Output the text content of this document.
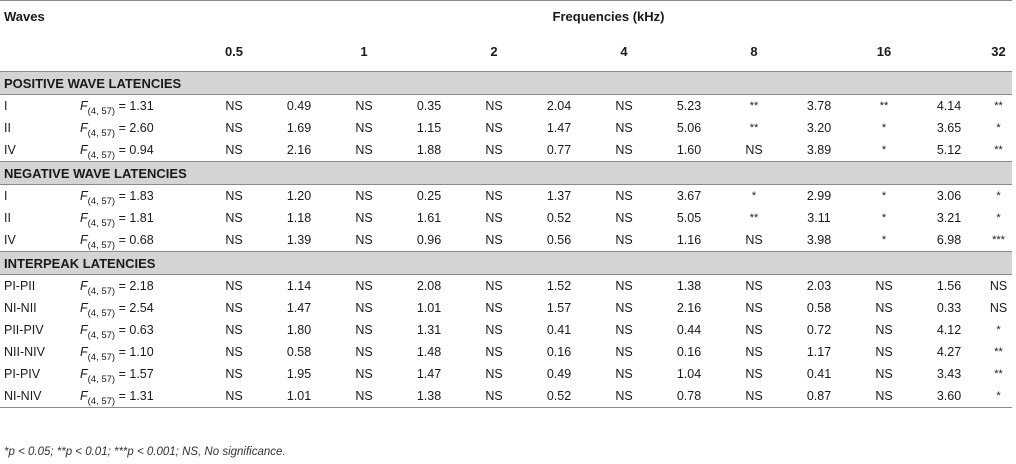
Waves		Frequencies (kHz)													
		0.5		1		2		4		8		16		32	
POSITIVE WAVE LATENCIES															
I	$F_{(4, 57)} = 1.31$	NS	0.49	NS	0.35	NS	2.04	NS	5.23	**	3.78	**	4.14	**	
II	$F_{(4, 57)} = 2.60$	NS	1.69	NS	1.15	NS	1.47	NS	5.06	**	3.20	*	3.65	*	
IV	$F_{(4, 57)} = 0.94$	NS	2.16	NS	1.88	NS	0.77	NS	1.60	NS	3.89	*	5.12	**	
NEGATIVE WAVE LATENCIES															
I	$F_{(4, 57)} = 1.83$	NS	1.20	NS	0.25	NS	1.37	NS	3.67	*	2.99	*	3.06	*	
II	$F_{(4, 57)} = 1.81$	NS	1.18	NS	1.61	NS	0.52	NS	5.05	**	3.11	*	3.21	*	
IV	$F_{(4, 57)} = 0.68$	NS	1.39	NS	0.96	NS	0.56	NS	1.16	NS	3.98	*	6.98	***	
INTERPEAK LATENCIES															
PI-PII	$F_{(4, 57)} = 2.18$	NS	1.14	NS	2.08	NS	1.52	NS	1.38	NS	2.03	NS	1.56	NS	
NI-NII	$F_{(4, 57)} = 2.54$	NS	1.47	NS	1.01	NS	1.57	NS	2.16	NS	0.58	NS	0.33	NS	
PII-PIV	$F_{(4, 57)} = 0.63$	NS	1.80	NS	1.31	NS	0.41	NS	0.44	NS	0.72	NS	4.12	*	
NII-NIV	$F_{(4, 57)} = 1.10$	NS	0.58	NS	1.48	NS	0.16	NS	0.16	NS	1.17	NS	4.27	**	
PI-PIV	$F_{(4, 57)} = 1.57$	NS	1.95	NS	1.47	NS	0.49	NS	1.04	NS	0.41	NS	3.43	**	
NI-NIV	$F_{(4, 57)} = 1.31$	NS	1.01	NS	1.38	NS	0.52	NS	0.78	NS	0.87	NS	3.60	*	

*p < 0.05; **p < 0.01; ***p < 0.001; NS, No significance.
